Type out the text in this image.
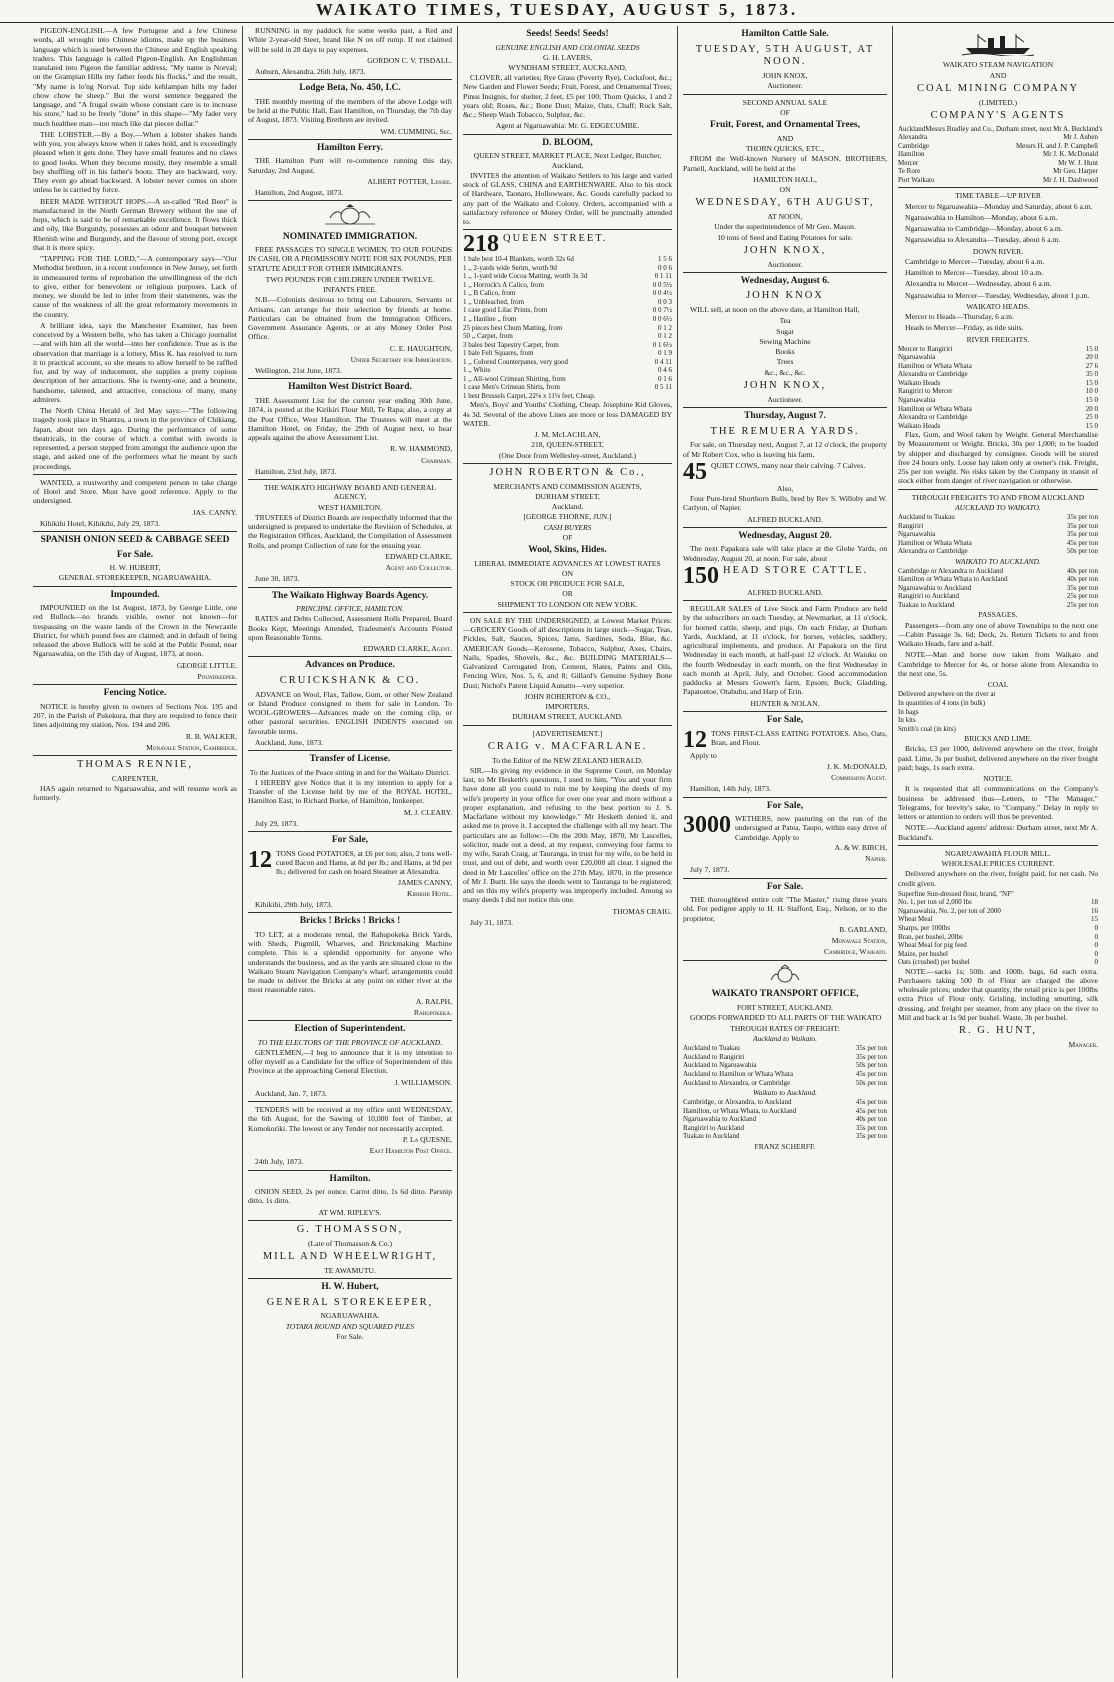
WAIKATO TIMES, TUESDAY, AUGUST 5, 1873.
PIGEON-ENGLISH.—A few Portugese and a few Chinese words, all wrought into Chinese idioms, make up the business language which is used between the Chinese and English speaking traders. This language is called Pigeon-English. An Englishman translated into Pigeon the familiar address, "My name is Norval; on the Grampian Hills my father feeds his flocks," and the result, "My name is lo'ng Norval. Top side kehlampan hills my fader chow chow he sheep." But the worst sentence beggared the language, and "A frugal swain whose constant care is to increase his store," had to be freely "done" in this shape—"My fader very much healthee man—too much like dat piecee dollar."
THE LOBSTER.—By a Boy.—When a lobster shakes hands with you, you always know when it takes hold, and is exceedingly pleased when it gets done. They have small features and no claws to good looks. When they become mostly, they resemble a small boy shuffling off in his father's boots. They are backward, very. They even go ahead backward. A lobster never comes on shore unless he is carried by force.
BEER MADE WITHOUT HOPS.—A so-called "Red Beer" is manufactured in the North German Brewery without the use of hops, which is said to be of remarkable excellence. It flows thick and oily, like Burgundy, possesses an odour and bouquet between Rhenish wine and Burgundy, and the flavour of strong port, except that it is more spicy.
"TAPPING FOR THE LORD."—A contemporary says—"Our Methodist brethren, in a recent conference in New Jersey, set forth in unmeasured terms of reprobation the unwillingness of the rich to give, either for benevolent or religious purposes. Lack of money, we should be led to infer from their statements, was the cause of the weakness of all the great reformatory movements in the country.
A brilliant idea, says the Manchester Examiner, has been conceived by a Western belle, who has taken a Chicago journalist—and with him all the world—into her confidence. True as is the observation that marriage is a lottery, Miss K. has resolved to turn it to practical account, so she means to allow herself to be raffled for, and by way of inducement, she supplies a pretty copious description of her attractions. She is twenty-one, and a brunette, handsome, talented, and attractive, conscious of many, many admirers.
The North China Herald of 3rd May says:—"The following tragedy took place in Shantzu, a town in the province of Chikiang, Japan, about ten days ago. During the performance of some theatricals, in the course of which a combat with swords is represented, a person stepped from amongst the audience upon the stage, and asked one of the performers what he meant by such proceedings.
WANTED, a trustworthy and competent person to take charge of Hotel and Store. Must have good reference. Apply to the undersigned.
JAS. CANNY.
Kihikihi Hotel, Kihikihi, July 29, 1873.
SPANISH ONION SEED & CABBAGE SEED
For Sale.
H. W. HUBERT,
GENERAL STOREKEEPER, NGARUAWAHIA.
Impounded.
IMPOUNDED on the 1st August, 1873, by George Little, one red Bullock—no brands visible, owner not known—for trespassing on the waste lands of the Crown in the Newcastle District, for which pound fees are claimed; and in default of being released the above Bullock will be sold at the Public Pound, near Ngaruawahia, on the 15th day of August, 1873, at noon.
GEORGE LITTLE.
Poundkeeper.
Fencing Notice.
NOTICE is hereby given to owners of Sections Nos. 195 and 207, in the Parish of Pukekura, that they are required to fence their lines adjoining my station, Nos. 194 and 206.
R. B. WALKER,
Monavale Station, Cambridge.
THOMAS RENNIE,
CARPENTER,
HAS again returned to Ngaruawahia, and will resume work as formerly.
RUNNING in my paddock for some weeks past, a Red and White 2-year-old Steer, brand like N on off rump. If not claimed will be sold in 28 days to pay expenses.
GORDON C. V. TISDALL.
Auburn, Alexandra, 26th July, 1873.
Lodge Beta, No. 450, I.C.
THE monthly meeting of the members of the above Lodge will be held at the Public Hall, East Hamilton, on Thursday, the 7th day of August, 1873. Visiting Brethren are invited.
WM. CUMMING, Sec.
Hamilton Ferry.
THE Hamilton Punt will re-commence running this day, Saturday, 2nd August.
ALBERT POTTER, Lessee.
Hamilton, 2nd August, 1873.
NOMINATED IMMIGRATION.
FREE PASSAGES TO SINGLE WOMEN. TO OUR FOUNDS IN CASH, OR A PROMISSORY NOTE FOR SIX POUNDS, PER STATUTE ADULT FOR OTHER IMMIGRANTS.
TWO POUNDS FOR CHILDREN UNDER TWELVE.
INFANTS FREE.
N.B.—Colonists desirous to bring out Labourers, Servants or Artisans, can arrange for their selection by friends at home. Particulars can be obtained from the Immigration Officers, Government Assurance Agents, or at any Money Order Post Office.
C. E. HAUGHTON,
Under Secretary for Immigration.
Wellington, 21st June, 1873.
Hamilton West District Board.
THE Assessment List for the current year ending 30th June, 1874, is posted at the Kirikiri Flour Mill, Te Rapa; also, a copy at the Post Office, West Hamilton. The Trustees will meet at the Hamilton Hotel, on Friday, the 29th of August next, to hear appeals against the above Assessment List.
R. W. HAMMOND,
Chairman.
Hamilton, 23rd July, 1873.
THE WAIKATO HIGHWAY BOARD AND GENERAL AGENCY,
WEST HAMILTON.
TRUSTEES of District Boards are respectfully informed that the undersigned is prepared to undertake the Revision of Schedules, at the Registration Offices, Auckland, the Compilation of Assessment Rolls, and prompt Collection of rate for the ensuing year.
EDWARD CLARKE,
Agent and Collector.
June 30, 1873.
The Waikato Highway Boards Agency.
PRINCIPAL OFFICE, HAMILTON.
RATES and Debts Collected, Assessment Rolls Prepared, Board Books Kept, Meetings Attended, Tradesmen's Accounts Posted upon Reasonable Terms.
EDWARD CLARKE, Agent.
Advances on Produce.
CRUICKSHANK & CO.
ADVANCE on Wool, Flax, Tallow, Gum, or other New Zealand or Island Produce consigned to them for sale in London. To WOOL-GROWERS—Advances made on the coming clip, or other pastoral securities. ENGLISH INDENTS executed on favorable terms.
Auckland, June, 1873.
Transfer of License.
To the Justices of the Peace sitting in and for the Waikato District.
I HEREBY give Notice that it is my intention to apply for a Transfer of the License held by me of the ROYAL HOTEL, Hamilton East, to Richard Burke, of Hamilton, Innkeeper.
M. J. CLEARY.
July 29, 1873.
For Sale,
12 TONS Good POTATOES, at £6 per ton; also, 2 tons well-cured Bacon and Hams, at 8d per lb.; and Hams, at 9d per lb.; delivered for cash on board Steamer at Alexandra.
JAMES CANNY,
Kihikihi Hotel.
Kihikihi, 29th July, 1873.
Bricks ! Bricks ! Bricks !
TO LET, at a moderate rental, the Rahupokeka Brick Yards, with Sheds, Pugmill, Wharves, and Brickmaking Machine complete. This is a splendid opportunity for anyone who understands the business, and as the yards are situated close to the Waikato Steam Navigation Company's wharf, arrangements could be made to deliver the Bricks at any point on either river at the most reasonable rates.
A. RALPH,
Rahupokeka.
Election of Superintendent.
TO THE ELECTORS OF THE PROVINCE OF AUCKLAND.
GENTLEMEN,—I beg to announce that it is my intention to offer myself as a Candidate for the office of Superintendent of this Province at the approaching General Election.
J. WILLIAMSON.
Auckland, Jan. 7, 1873.
TENDERS will be received at my office until WEDNESDAY, the 6th August, for the Sawing of 10,000 feet of Timber, at Komokoriki. The lowest or any Tender not necessarily accepted.
P. La QUESNE,
East Hamilton Post Office.
24th July, 1873.
Hamilton.
ONION SEED, 2s per ounce. Carrot ditto, 1s 6d ditto. Parsnip ditto, 1s ditto.
AT WM. RIPLEY'S.
G. THOMASSON,
(Late of Thomasson & Co.)
MILL AND WHEELWRIGHT,
TE AWAMUTU.
H. W. Hubert,
GENERAL STOREKEEPER,
NGARUAWAHIA.
TOTARA ROUND AND SQUARED PILES
For Sale.
Seeds! Seeds! Seeds!
GENUINE ENGLISH AND COLONIAL SEEDS
G. H. LAVERS,
WYNDHAM STREET, AUCKLAND,
CLOVER, all varieties; Rye Grass (Poverty Rye), Cocksfoot, &c.; New Garden and Flower Seeds; Fruit, Forest, and Ornamental Trees; Pinus Insignis, for shelter, 2 feet, £5 per 100; Thorn Quicks, 1 and 2 years old; Roses, &c.; Bone Dust; Maize, Oats, Chaff; Rock Salt, &c.; Sheep Wash Tobacco, Sulphur, &c.
Agent at Ngaruawahia: Mr. G. EDGECUMBE.
D. BLOOM,
QUEEN STREET, MARKET PLACE, Next Ledger, Butcher, Auckland,
INVITES the attention of Waikato Settlers to his large and varied stock of GLASS, CHINA and EARTHENWARE. Also to his stock of Hardware, Taonaro, Hollowware, &c. Goods carefully packed to any part of the Waikato and Colony. Orders, accompanied with a satisfactory reference or Money Order, will be punctually attended to.
218 QUEEN STREET.
1 bale best 10-4 Blankets, worth 32s 6d	1 5 6
1 ,, 2-yards wide Serim, worth 9d	0 0 6
1 ,, 1-yard wide Cocoa Matting, worth 3s 3d	0 1 11
1 ,, Horrock's A Calico, from	0 0 5½
1 ,, B Calico, from	0 0 4½
1 ,, Unbleached, from	0 0 3
1 case good Lilac Prints, from	0 0 7½
1 ,, Hanline ,, from	0 0 6½
25 pieces best Chum Matting, from	0 1 2
50 ,, Carpet, from	0 1 2
3 bales best Tapestry Carpet, from	0 1 6½
1 bale Felt Squares, from	0 1 9
1 ,, Colored Counterpanes, very good	0 4 11
1 ,, White	0 4 6
1 ,, All-wool Crimean Shirting, from	0 1 6
1 case Men's Crimean Shirts, from	0 5 11
1 best Brussels Carpet, 22⅛ x 11⅛ feet, Cheap.
Men's, Boys' and Youths' Clothing, Cheap. Josephine Kid Gloves, 4s 3d. Several of the above Lines are more or less DAMAGED BY WATER.
J. M. McLACHLAN,
218, QUEEN-STREET,
(One Door from Wellesley-street, Auckland.)
JOHN ROBERTON & Co.,
MERCHANTS AND COMMISSION AGENTS,
DURHAM STREET,
Auckland.
[GEORGE THORNE, JUN.]
CASH BUYERS
OF
Wool, Skins, Hides.
LIBERAL IMMEDIATE ADVANCES AT LOWEST RATES
ON
STOCK OR PRODUCE FOR SALE,
OR
SHIPMENT TO LONDON OR NEW YORK.
ON SALE BY THE UNDERSIGNED, at Lowest Market Prices:—GROCERY Goods of all descriptions in large stock—Sugar, Teas, Pickles, Salt, Sauces, Spices, Jams, Sardines, Soda, Blue, &c. AMERICAN Goods—Kerosene, Tobacco, Sulphur, Axes, Chairs, Nails, Spades, Shovels, &c., &c. BUILDING MATERIALS—Galvanized Corrugated Iron, Cement, Slates, Paints and Oils, Fencing Wire, Nos. 5, 6, and 8; Gillard's Genuine Sydney Bone Dust; Nichol's Patent Liquid Aunatto—very superior.
JOHN ROBERTON & CO.,
IMPORTERS,
DURHAM STREET, AUCKLAND.
[ADVERTISEMENT.]
CRAIG v. MACFARLANE.
To the Editor of the NEW ZEALAND HERALD.
SIR,—In giving my evidence in the Supreme Court, on Monday last, to Mr Hesketh's questions, I used to him, "You and your firm have done all you could to ruin me by keeping the deeds of my wife's property in your office for over one year and more without a proper explanation, and refusing to the best portion to J. S. Macfarlane without my knowledge." Mr Hesketh denied it, and asked me to prove it. I accepted the challenge with all my heart. The particulars are as follow:—On the 20th May, 1870, Mr Lascelles, solicitor, made out a deed, at my request, conveying four farms to my wife, Sarah Craig, at Tauranga, in trust for my wife, to be held in trust, and out of debt, and worth over £20,000 all clear. I signed the deed in Mr Lascelles' office on the 27th May, 1870, in the presence of Mr J. Burtt. He says the deeds went to Tauranga to be registered; and on this my wife's property was improperly included. Among so many deeds I did not notice this one.
THOMAS CRAIG.
July 31, 1873.
Hamilton Cattle Sale.
TUESDAY, 5TH AUGUST, AT NOON.
JOHN KNOX,
Auctioneer.
SECOND ANNUAL SALE
OF
Fruit, Forest, and Ornamental Trees,
AND
THORN QUICKS, ETC.,
FROM the Well-known Nursery of MASON, BROTHERS, Parnell, Auckland, will be held at the
HAMILTON HALL,
ON
WEDNESDAY, 6TH AUGUST,
AT NOON,
Under the superintendence of Mr Geo. Mason.
10 tons of Seed and Eating Potatoes for sale.
JOHN KNOX,
Auctioneer.
Wednesday, August 6.
JOHN KNOX
WILL sell, at noon on the above date, at Hamilton Hall,
Tea
Sugar
Sewing Machine
Books
Trees
&c., &c., &c.
JOHN KNOX,
Auctioneer.
Thursday, August 7.
THE REMUERA YARDS.
For sale, on Thursday next, August 7, at 12 o'clock, the property of Mr Robert Cox, who is leaving his farm,
45 QUIET COWS, many near their calving. 7 Calves.
Also,
Four Pure-bred Shorthorn Bulls, bred by Rev S. Willoby and W. Carlyon, of Napier.
ALFRED BUCKLAND.
Wednesday, August 20.
The next Papakura sale will take place at the Globe Yards, on Wednesday, August 20, at noon. For sale, about
150 HEAD STORE CATTLE.
ALFRED BUCKLAND.
REGULAR SALES of Live Stock and Farm Produce are held by the subscribers on each Tuesday, at Newmarket, at 11 o'clock, for horned cattle, sheep, and pigs. On each Friday, at Durham Yards, Auckland, at 11 o'clock, for horses, vehicles, saddlery, agricultural implements, and produce. At Papakura on the first Wednesday in each month, at half-past 12 o'clock. At Waiuku on the fourth Wednesday in each month, on the first Wednesday in each month at April, July, and October. Good accommodation paddocks at Messrs Gowett's farm, Epsom; Buck; Gladding, Papatoetoe, Otahuhu, and Harp of Erin.
HUNTER & NOLAN.
For Sale,
12 TONS FIRST-CLASS EATING POTATOES. Also, Oats, Bran, and Flour.
Apply to
J. K. McDONALD,
Commission Agent.
Hamilton, 14th July, 1873.
For Sale,
3000 WETHERS, now pasturing on the run of the undersigned at Patea, Taupo, within easy drive of Cambridge. Apply to
A. & W. BIRCH,
Napier.
July 7, 1873.
For Sale.
THE thoroughbred entire colt "The Master," rising three years old. For pedigree apply to H. H. Stafford, Esq., Nelson, or to the proprietor,
B. GARLAND,
Monavale Station,
Cambridge, Waikato.
WAIKATO TRANSPORT OFFICE,
FORT STREET, AUCKLAND.
GOODS FORWARDED TO ALL PARTS OF THE WAIKATO
THROUGH RATES OF FREIGHT:
Auckland to Waikato.
Auckland to Tuakau	35s per ton
Auckland to Rangiriri	35s per ton
Auckland to Ngaruawahia	50s per ton
Auckland to Hamilton or Whata Whata	45s per ton
Auckland to Alexandra, or Cambridge	50s per ton
Waikato to Auckland.
Cambridge, or Alexandra, to Auckland	45s per ton
Hamilton, or Whata Whata, to Auckland	45s per ton
Ngaruawahia to Auckland	40s per ton
Rangiriri to Auckland	35s per ton
Tuakau to Auckland	35s per ton
FRANZ SCHERFF.
WAIKATO STEAM NAVIGATION
AND
COAL MINING COMPANY
(LIMITED.)
COMPANY'S AGENTS
Auckland Messrs Bradley and Co., Durham street, next Mr A. Buckland's
Alexandra	Mr J. Auben
Cambridge	Messrs H. and J. P. Campbell
Hamilton	Mr J. K. McDonald
Mercer	Mr W. J. Hunt
Te Rore	Mr Geo. Harper
Port Waikato	Mr J. H. Dashwood
TIME TABLE—UP RIVER
Mercer to Ngaruawahia—Monday and Saturday, about 6 a.m.
Ngaruawahia to Hamilton—Monday, about 6 a.m.
Ngaruawahia to Cambridge—Monday, about 6 a.m.
Ngaruawahia to Alexandra—Tuesday, about 6 a.m.
DOWN RIVER.
Cambridge to Mercer—Tuesday, about 6 a.m.
Hamilton to Mercer—Tuesday, about 10 a.m.
Alexandra to Mercer—Wednesday, about 6 a.m.
Ngaruawahia to Mercer—Tuesday, Wednesday, about 1 p.m.
WAIKATO HEADS.
Mercer to Heads—Thursday, 6 a.m.
Heads to Mercer—Friday, as tide suits.
RIVER FREIGHTS.
Mercer to Rangiriri	15 0
Ngaruawahia	20 0
Hamilton or Whata Whata	27 6
Alexandra or Cambridge	35 0
Waikato Heads	15 0
Rangiriri to Mercer	10 0
Ngaruawahia	15 0
Hamilton or Whata Whata	20 0
Alexandra or Cambridge	25 0
Waikato Heads	15 0
Flax, Gum, and Wool taken by Weight. General Merchandise by Measurement or Weight. Bricks, 30s per 1,000; to be loaded by shipper and discharged by consignee. Goods will be stored free 24 hours only. Loose hay taken only at owner's risk. Freight, 25s per ton weight. No risks taken by the Company in transit of stock either from danger of river navigation or otherwise.
THROUGH FREIGHTS TO AND FROM AUCKLAND
AUCKLAND TO WAIKATO.
Auckland to Tuakau	35s per ton
Rangiriri	35s per ton
Ngaruawahia	35s per ton
Hamilton or Whata Whata	45s per ton
Alexandra or Cambridge	50s per ton
WAIKATO TO AUCKLAND.
Cambridge or Alexandra to Auckland	40s per ton
Hamilton or Whata Whata to Auckland	40s per ton
Ngaruawahia to Auckland	35s per ton
Rangiriri to Auckland	25s per ton
Tuakau to Auckland	25s per ton
PASSAGES.
Passengers—from any one of above Townships to the next one—Cabin Passage 3s. 6d; Deck, 2s. Return Tickets to and from Waikato Heads, fare and a-half.
NOTE—Man and horse now taken from Waikato and Cambridge to Mercer for 4s, or horse alone from Alexandra to the next one, 5s.
COAL
Delivered anywhere on the river at
In quantities of 4 tons (in bulk)
In bags
In kits
Smith's coal (in kits)
BRICKS AND LIME.
Bricks, £3 per 1000, delivered anywhere on the river, freight paid. Lime, 3s per bushel, delivered anywhere on the river freight paid; bags, 1s each extra.
NOTICE.
It is requested that all communications on the Company's business be addressed thus—Letters, to "The Manager," Telegrams, for brevity's sake, to "Company." Delay in reply to letters or attention to orders will thus be prevented.
NOTE.—Auckland agents' address: Durham street, next Mr A. Buckland's.
NGARUAWAHIA FLOUR MILL.
WHOLESALE PRICES CURRENT.
Delivered anywhere on the river, freight paid, for net cash. No credit given.
Superfine Sun-dressed flour, brand, "NF"
No. 1, per ton of 2,000 lbs	18
Ngaruawahia, No. 2, per ton of 2000	16
Wheat Meal	15
Sharps, per 100lbs	0
Bran, per bushel, 20lbs	0
Wheat Meal for pig feed	0
Maize, per bushel	0
Oats (crushed) per bushel	0
NOTE.—sacks 1s; 50lb. and 100lb. bags, 6d each extra. Purchasers taking 500 lb of Flour are charged the above wholesale prices; under that quantity, the retail price is per 100lbs extra Price of Flour only. Grisling, including smutting, silk dressing, and freight per steamer, from any place on the river to Mill and back at 1s 9d per bushel. Waste, 3b per bushel.
R. G. HUNT,
Manager.
